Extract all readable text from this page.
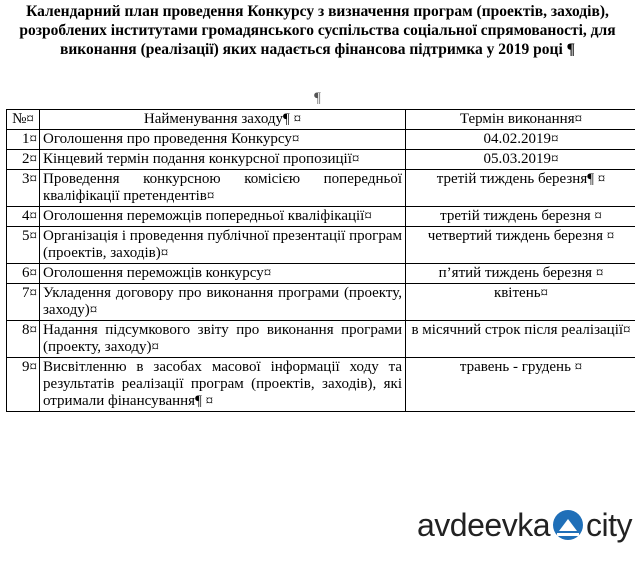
Календарний план проведення Конкурсу з визначення програм (проектів, заходів), розроблених інститутами громадянського суспільства соціальної спрямованості, для виконання (реалізації) яких надається фінансова підтримка у 2019 році ¶
¶
№¤	Найменування заходу¶ ¤	Термін виконання¤
1¤	Оголошення про проведення Конкурсу¤	04.02.2019¤
2¤	Кінцевий термін подання конкурсної пропозиції¤	05.03.2019¤
3¤	Проведення конкурсною комісією попередньої кваліфікації претендентів¤	третій тиждень березня¶ ¤
4¤	Оголошення переможців попередньої кваліфікації¤	третій тиждень березня ¤
5¤	Організація і проведення публічної презентації програм (проектів, заходів)¤	четвертий тиждень березня ¤
6¤	Оголошення переможців конкурсу¤	п’ятий тиждень березня ¤
7¤	Укладення договору про виконання програми (проекту, заходу)¤	квітень¤
8¤	Надання підсумкового звіту про виконання програми (проекту, заходу)¤	в місячний строк після реалізації¤
9¤	Висвітленню в засобах масової інформації ходу та результатів реалізації програм (проектів, заходів), які отримали фінансування¶ ¤	травень - грудень ¤
avdeevka city
